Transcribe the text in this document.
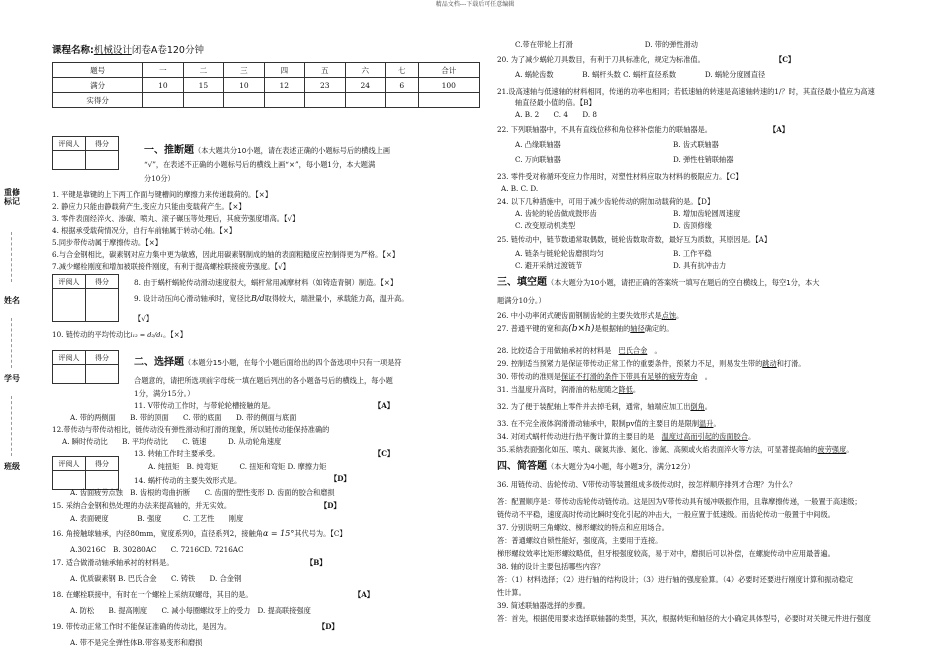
精品文档---下载后可任意编辑
重修标记
姓名
学号
班级
课程名称:机械设计闭卷A卷120分钟
题号	一	二	三	四	五	六	七	合计
满分	10	15	10	12	23	24	6	100
实得分								
评阅人	得分

一、推断题（本大题共分10小题，请在表述正确的小题标号后的横线上画
“√”，在表述不正确的小题标号后的横线上画“×”，每小题1分，本大题满
分10分）
1. 平键是靠键的上下两工作面与键槽间的摩擦力来传递载荷的。【×】
2. 静应力只能由静载荷产生,变应力只能由变载荷产生。【×】
3. 零件表面经淬火、渗碳、喷丸、滚子碾压等处理后，其疲劳强度增高。【√】
4. 根据承受载荷情况分，自行车前轴属于转动心轴。【×】
5.同步带传动属于摩擦传动。【×】
6.与合金钢相比，碳素钢对应力集中更为敏感，因此用碳素钢制成的轴的表面粗糙度应控制得更为严格。【×】
7.减少螺栓刚度和增加被联接件刚度，有利于提高螺栓联接疲劳强度。【√】
评阅人	得分
		8. 由于蜗杆蜗轮传动滑动速度很大，蜗杆常用减摩材料（如铸造青铜）制造。【×】
9. 设计动压向心滑动轴承时，宽径比B/d取得较大，端泄量小，承载能力高，温升高。
【√】
10. 链传动的平均传动比i₁₂ = d₂/d₁。【×】
评阅人	得分
		二、选择题（本题分15小题，在每个小题后面给出的四个备选项中只有一项是符
合题意的，请把所选项前字母统一填在题后列出的各小题备号后的横线上，每小题
1分，满分15分。）
11. V带传动工作时，与带轮轮槽接触的是。	【A】
A. 带的两侧面　　B. 带的顶面　　C. 带的底面　　D. 带的侧面与底面
12.带传动与带传动相比，链传动没有弹性滑动和打滑的现象，所以链传动能保持准确的
A. 瞬时传动比　　B. 平均传动比　　C. 链速　　　D. 从动轮角速度
评阅人	得分

13. 转轴工作时主要承受。	【C】
A. 纯扭矩　B. 纯弯矩　　　C. 扭矩和弯矩 D. 摩擦力矩
【D】
14. 蜗杆传动的主要失效形式是。
A. 齿面疲劳点蚀　B. 齿根的弯曲折断　　C. 齿面的塑性变形 D. 齿面的胶合和磨损
15. 采纳合金钢和热处理的办法来提高轴的，并无实效。	【D】
A. 表面硬度　　　　B. 强度　　　C. 工艺性　　刚度
16. 角接触球轴承，内径80mm，宽度系列0，直径系列2，接触角α = 15°其代号为。【C】
A.30216C　B. 30280AC　　C. 7216CD. 7216AC
17. 适合做滑动轴承轴承衬的材料是。	【B】
A. 优质碳素钢 B. 巴氏合金　　C. 铸铁　　D. 合金钢
18. 在螺栓联接中，有时在一个螺栓上采纳双螺母，其目的是。	【A】
A. 防松　　B. 提高刚度　　C. 减小每圈螺纹牙上的受力　D. 提高联接强度
19. 带传动正常工作时不能保证准确的传动比，是因为。	【D】
A. 带不是完全弹性体B.带容易变形和磨损
C.带在带轮上打滑　　　　　　　　　　D. 带的弹性滑动
20. 为了减少蜗轮刀具数目，有利于刀具标准化，规定为标准值。	【C】
A. 蜗轮齿数　　　　B. 蜗杆头数 C. 蜗杆直径系数　　　　D. 蜗轮分度圆直径
21.设高速轴与低速轴的材料相同，传递的功率也相同；若低速轴的转速是高速轴转速的1/？时，其直径最小值应为高速
轴直径最小值的倍。【B】
A. B. 2　　C. 4　　D. 8
22. 下列联轴器中，不具有直线位移和角位移补偿能力的联轴器是。	【A】
A. 凸缘联轴器	B. 齿式联轴器
C. 万向联轴器	D. 弹性柱销联轴器
23. 零件受对称循环变应力作用时，对塑性材料应取为材料的极限应力。【C】
A. B. C. D.
24. 以下几种措施中，可用于减少齿轮传动的附加动载荷的是。【D】
A. 齿轮的轮齿做成鼓形齿	B. 增加齿轮圆周速度
C. 改变原动机类型	D. 齿顶修缘
25. 链传动中，链节数通常取偶数，链轮齿数取奇数，最好互为质数，其原因是。【A】
A. 链条与链轮轮齿磨损均匀	B. 工作平稳
C. 避开采纳过渡链节	D. 具有抗冲击力
三、填空题（本大题分为10小题，请把正确的答案统一填写在题后的空白横线上，每空1分，本大
题满分10分。）
26. 中小功率闭式硬齿面钢制齿轮的主要失效形式是点蚀。
27. 普通平键的宽和高(b×h)是根据轴的轴径确定的。
28. 比较适合于用做轴承衬的材料是　 巴氏合金　。
29. 控制适当预紧力是保证带传动正常工作的重要条件，预紧力不足，则易发生带的跳动和打滑。
30. 带传动的准则是保证不打滑的条件下带具有足够的疲劳寿命　。
31. 当温度升高时，润滑油的粘度随之降低。
32. 为了便于装配轴上零件并去掉毛刺，通常，轴端应加工出倒角。
33. 在不完全液体润滑滑动轴承中，限制pv值的主要目的是限制温升。
34. 对闭式蜗杆传动进行热平衡计算的主要目的是　 温度过高而引起的齿面胶合。
35.采纳表面强化如压、喷丸、碳氮共渗、氮化、渗氮、高频或火焰表面淬火等方法，可显著提高轴的疲劳强度。
四、简答题（本大题分为4小题，每小题3分，满分12分）
36. 用链传动、齿轮传动、V带传动等装置组成多级传动时，按怎样顺序排列才合理？为什么？
答：配置顺序是：带传动齿轮传动链传动。这是因为V带传动具有缓冲吸振作用，且靠摩擦传递，一般置于高速级；
链传动不平稳，速度高时传动比瞬时变化引起的冲击大，一般应置于低速级。而齿轮传动一般置于中间级。
37. 分别说明三角螺纹、梯形螺纹的特点和应用场合。
答：普通螺纹自锁性能好，强度高，主要用于连接。
梯形螺纹效率比矩形螺纹略低，但牙根强度较高，易于对中，磨损后可以补偿，在螺旋传动中应用最普遍。
38. 轴的设计主要包括哪些内容？
答：（1）材料选择；（2）进行轴的结构设计；（3）进行轴的强度验算。（4）必要时还要进行刚度计算和振动稳定
性计算。
39. 简述联轴器选择的步骤。
答：首先，根据使用要求选择联轴器的类型，其次，根据转矩和轴径的大小确定具体型号，必要时对关键元件进行强度
